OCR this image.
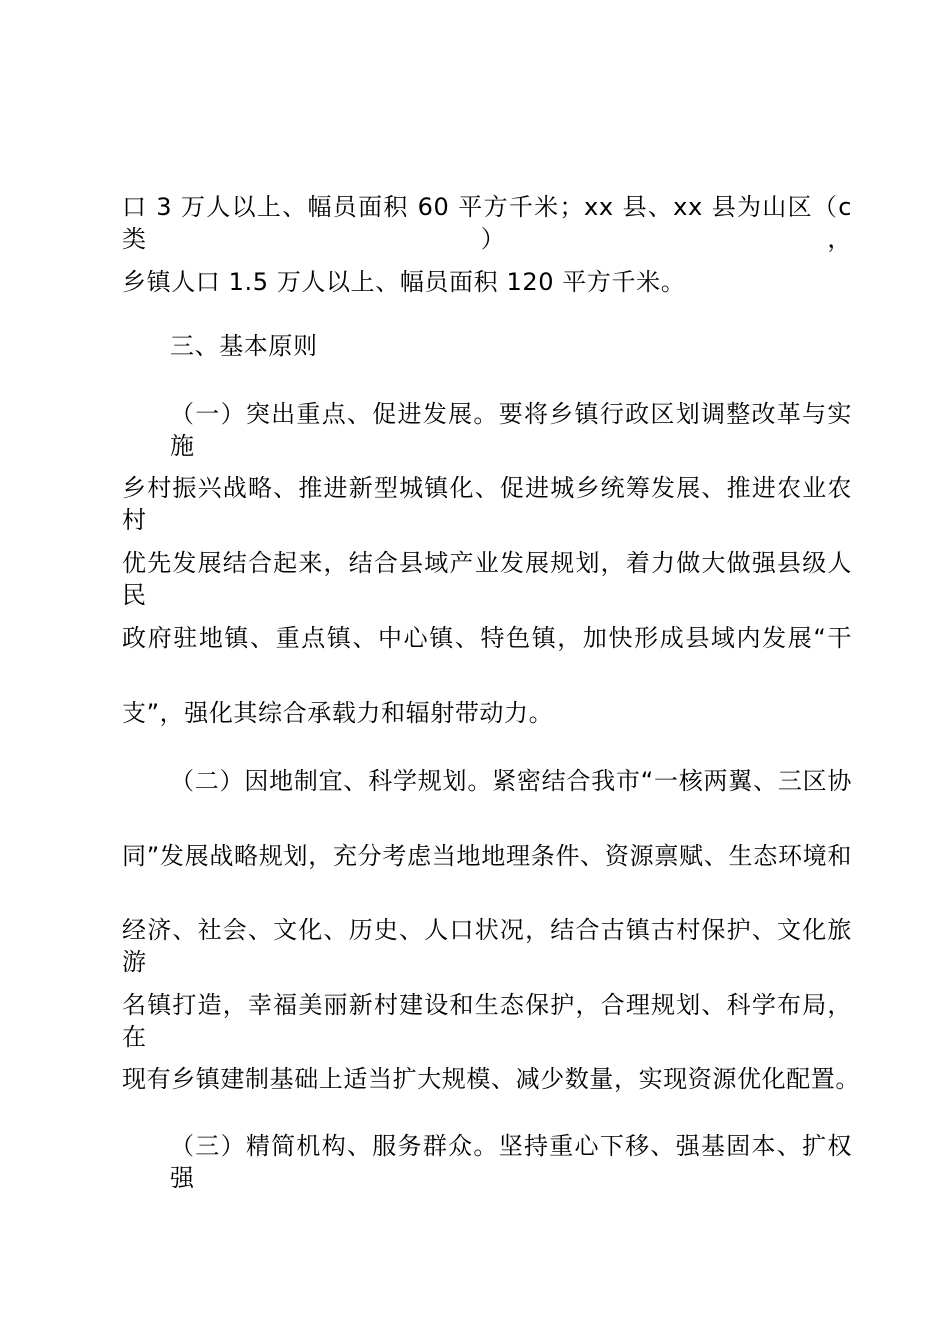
口 3 万人以上、幅员面积 60 平方千米；xx 县、xx 县为山区（c 类），
乡镇人口 1.5 万人以上、幅员面积 120 平方千米。
三、基本原则
（一）突出重点、促进发展。要将乡镇行政区划调整改革与实施
乡村振兴战略、推进新型城镇化、促进城乡统筹发展、推进农业农村
优先发展结合起来，结合县域产业发展规划，着力做大做强县级人民
政府驻地镇、重点镇、中心镇、特色镇，加快形成县域内发展“干
支”，强化其综合承载力和辐射带动力。
（二）因地制宜、科学规划。紧密结合我市“一核两翼、三区协
同”发展战略规划，充分考虑当地地理条件、资源禀赋、生态环境和
经济、社会、文化、历史、人口状况，结合古镇古村保护、文化旅游
名镇打造，幸福美丽新村建设和生态保护，合理规划、科学布局，在
现有乡镇建制基础上适当扩大规模、减少数量，实现资源优化配置。
（三）精简机构、服务群众。坚持重心下移、强基固本、扩权强
